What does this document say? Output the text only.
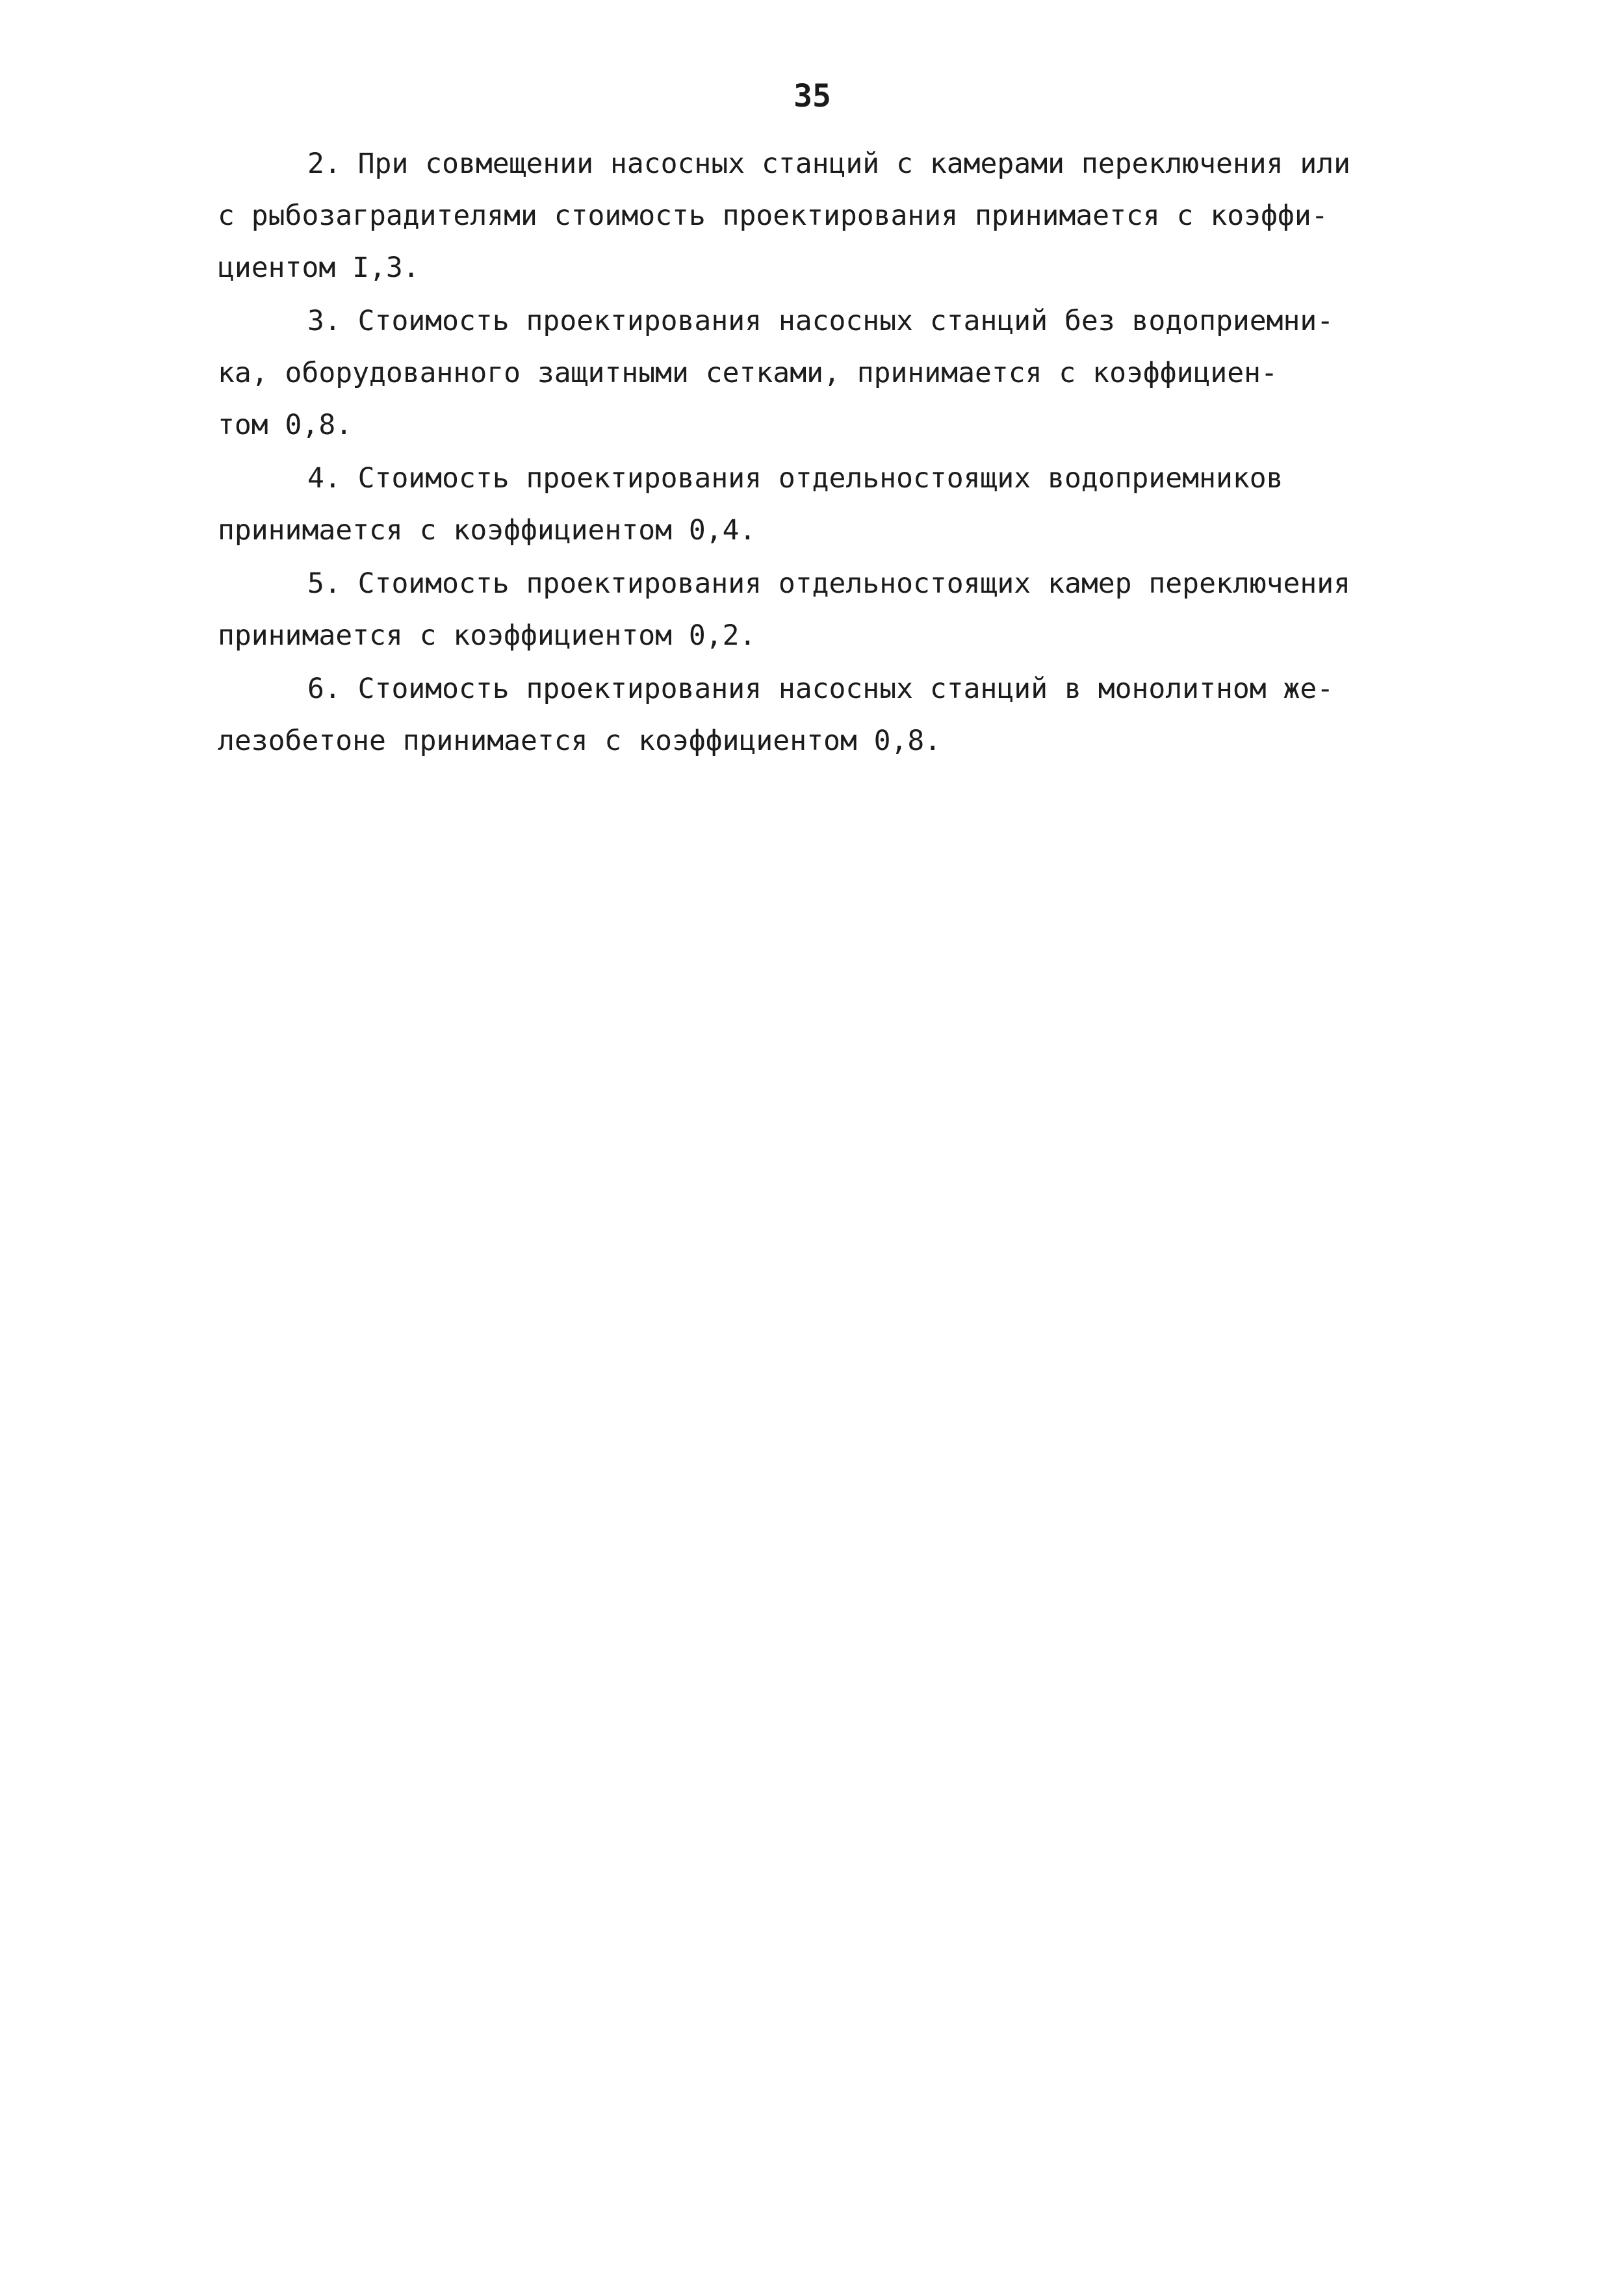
35
2. При совмещении насосных станций с камерами переключения или
с рыбозаградителями стоимость проектирования принимается с коэффи-
циентом I,3.
3. Стоимость проектирования насосных станций без водоприемни-
ка, оборудованного защитными сетками, принимается с коэффициен-
том 0,8.
4. Стоимость проектирования отдельностоящих водоприемников
принимается с коэффициентом 0,4.
5. Стоимость проектирования отдельностоящих камер переключения
принимается с коэффициентом 0,2.
6. Стоимость проектирования насосных станций в монолитном же-
лезобетоне принимается с коэффициентом 0,8.
